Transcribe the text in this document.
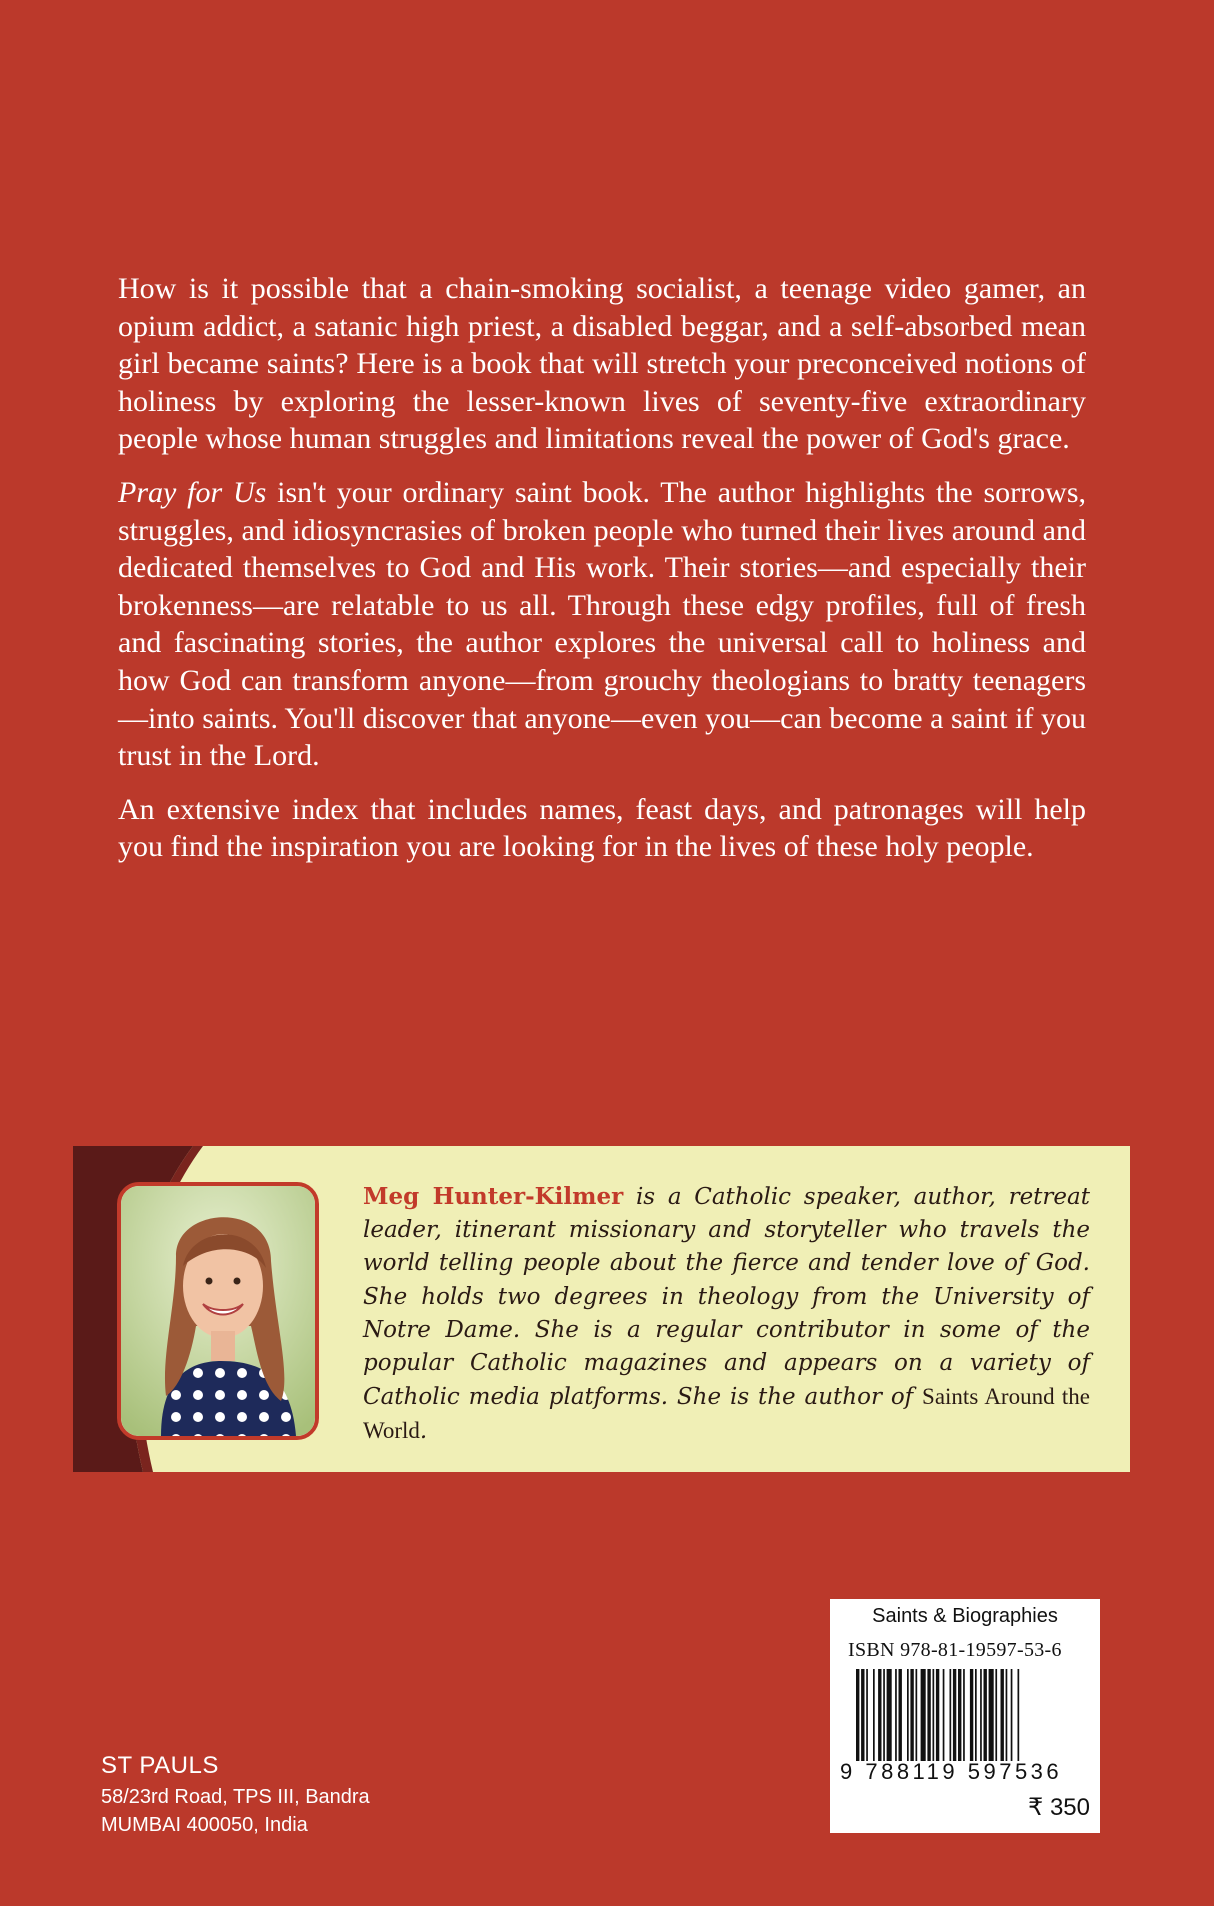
How is it possible that a chain-smoking socialist, a teenage video gamer, an opium addict, a satanic high priest, a disabled beggar, and a self-absorbed mean girl became saints? Here is a book that will stretch your preconceived notions of holiness by exploring the lesser-known lives of seventy-five extraordinary people whose human struggles and limitations reveal the power of God's grace.

Pray for Us isn't your ordinary saint book. The author highlights the sorrows, struggles, and idiosyncrasies of broken people who turned their lives around and dedicated themselves to God and His work. Their stories—and especially their brokenness—are relatable to us all. Through these edgy profiles, full of fresh and fascinating stories, the author explores the universal call to holiness and how God can transform anyone—from grouchy theologians to bratty teenagers—into saints. You'll discover that anyone—even you—can become a saint if you trust in the Lord.

An extensive index that includes names, feast days, and patronages will help you find the inspiration you are looking for in the lives of these holy people.

Meg Hunter-Kilmer is a Catholic speaker, author, retreat leader, itinerant missionary and storyteller who travels the world telling people about the fierce and tender love of God. She holds two degrees in theology from the University of Notre Dame. She is a regular contributor in some of the popular Catholic magazines and appears on a variety of Catholic media platforms. She is the author of Saints Around the World.
Saints & Biographies
ISBN 978-81-19597-53-6
9 788119 597536
₹ 350
ST PAULS
58/23rd Road, TPS III, Bandra
MUMBAI 400050, India
